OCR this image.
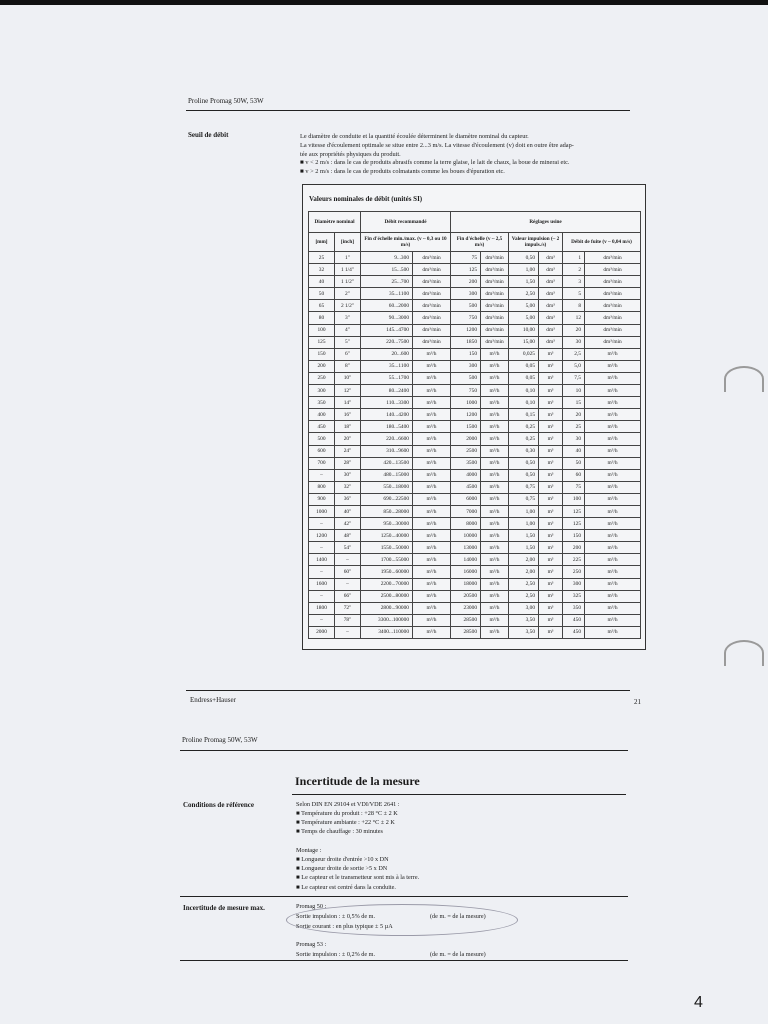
Proline Promag 50W, 53W
Seuil de débit	Le diamètre de conduite et la quantité écoulée déterminent le diamètre nominal du capteur.
La vitesse d'écoulement optimale se situe entre 2...3 m/s. La vitesse d'écoulement (v) doit en outre être adap-
tée aux propriétés physiques du produit.
■ v < 2 m/s : dans le cas de produits abrasifs comme la terre glaise, le lait de chaux, la boue de minerai etc.
■ v > 2 m/s : dans le cas de produits colmatants comme les boues d'épuration etc.
Valeurs nominales de débit (unités SI)
Diamètre nominal		Débit recommandé		Réglages usine					
[mm]	[inch]	Fin d'échelle min./max. (v ~ 0,3 ou 10 m/s)		Fin d'échelle (v ~ 2,5 m/s)		Valeur impulsion (~ 2 impuls./s)		Débit de fuite (v ~ 0,04 m/s)	
25	1"	9...300	dm³/min	75	dm³/min	0,50	dm³	1	dm³/min
32	1 1/4"	15...500	dm³/min	125	dm³/min	1,00	dm³	2	dm³/min
40	1 1/2"	25...700	dm³/min	200	dm³/min	1,50	dm³	3	dm³/min
50	2"	35...1100	dm³/min	300	dm³/min	2,50	dm³	5	dm³/min
65	2 1/2"	60...2000	dm³/min	500	dm³/min	5,00	dm³	8	dm³/min
80	3"	90...3000	dm³/min	750	dm³/min	5,00	dm³	12	dm³/min
100	4"	145...4700	dm³/min	1200	dm³/min	10,00	dm³	20	dm³/min
125	5"	220...7500	dm³/min	1850	dm³/min	15,00	dm³	30	dm³/min
150	6"	20...600	m³/h	150	m³/h	0,025	m³	2,5	m³/h
200	8"	35...1100	m³/h	300	m³/h	0,05	m³	5,0	m³/h
250	10"	55...1700	m³/h	500	m³/h	0,05	m³	7,5	m³/h
300	12"	80...2400	m³/h	750	m³/h	0,10	m³	10	m³/h
350	14"	110...3300	m³/h	1000	m³/h	0,10	m³	15	m³/h
400	16"	140...4200	m³/h	1200	m³/h	0,15	m³	20	m³/h
450	18"	180...5400	m³/h	1500	m³/h	0,25	m³	25	m³/h
500	20"	220...6600	m³/h	2000	m³/h	0,25	m³	30	m³/h
600	24"	310...9600	m³/h	2500	m³/h	0,30	m³	40	m³/h
700	28"	420...13500	m³/h	3500	m³/h	0,50	m³	50	m³/h
–	30"	480...15000	m³/h	4000	m³/h	0,50	m³	60	m³/h
800	32"	550...18000	m³/h	4500	m³/h	0,75	m³	75	m³/h
900	36"	690...22500	m³/h	6000	m³/h	0,75	m³	100	m³/h
1000	40"	850...28000	m³/h	7000	m³/h	1,00	m³	125	m³/h
–	42"	950...30000	m³/h	8000	m³/h	1,00	m³	125	m³/h
1200	48"	1250...40000	m³/h	10000	m³/h	1,50	m³	150	m³/h
–	54"	1550...50000	m³/h	13000	m³/h	1,50	m³	200	m³/h
1400	–	1700...55000	m³/h	14000	m³/h	2,00	m³	225	m³/h
–	60"	1950...60000	m³/h	16000	m³/h	2,00	m³	250	m³/h
1600	–	2200...70000	m³/h	18000	m³/h	2,50	m³	300	m³/h
–	66"	2500...80000	m³/h	20500	m³/h	2,50	m³	325	m³/h
1800	72"	2800...90000	m³/h	23000	m³/h	3,00	m³	350	m³/h
–	78"	3300...100000	m³/h	28500	m³/h	3,50	m³	450	m³/h
2000	–	3400...110000	m³/h	28500	m³/h	3,50	m³	450	m³/h
Endress+Hauser	21
Proline Promag 50W, 53W
Incertitude de la mesure
Conditions de référence	Selon DIN EN 29104 et VDI/VDE 2641 :
■ Température du produit : +28 °C ± 2 K
■ Température ambiante : +22 °C ± 2 K
■ Temps de chauffage : 30 minutes
Montage :
■ Longueur droite d'entrée >10 x DN
■ Longueur droite de sortie >5 x DN
■ Le capteur et le transmetteur sont mis à la terre.
■ Le capteur est centré dans la conduite.
Incertitude de mesure max.	Promag 50 :
Sortie impulsion : ± 0,5% de m.
Sortie courant : en plus typique ± 5 µA
(de m. = de la mesure)
Promag 53 :
Sortie impulsion : ± 0,2% de m.	(de m. = de la mesure)
4
